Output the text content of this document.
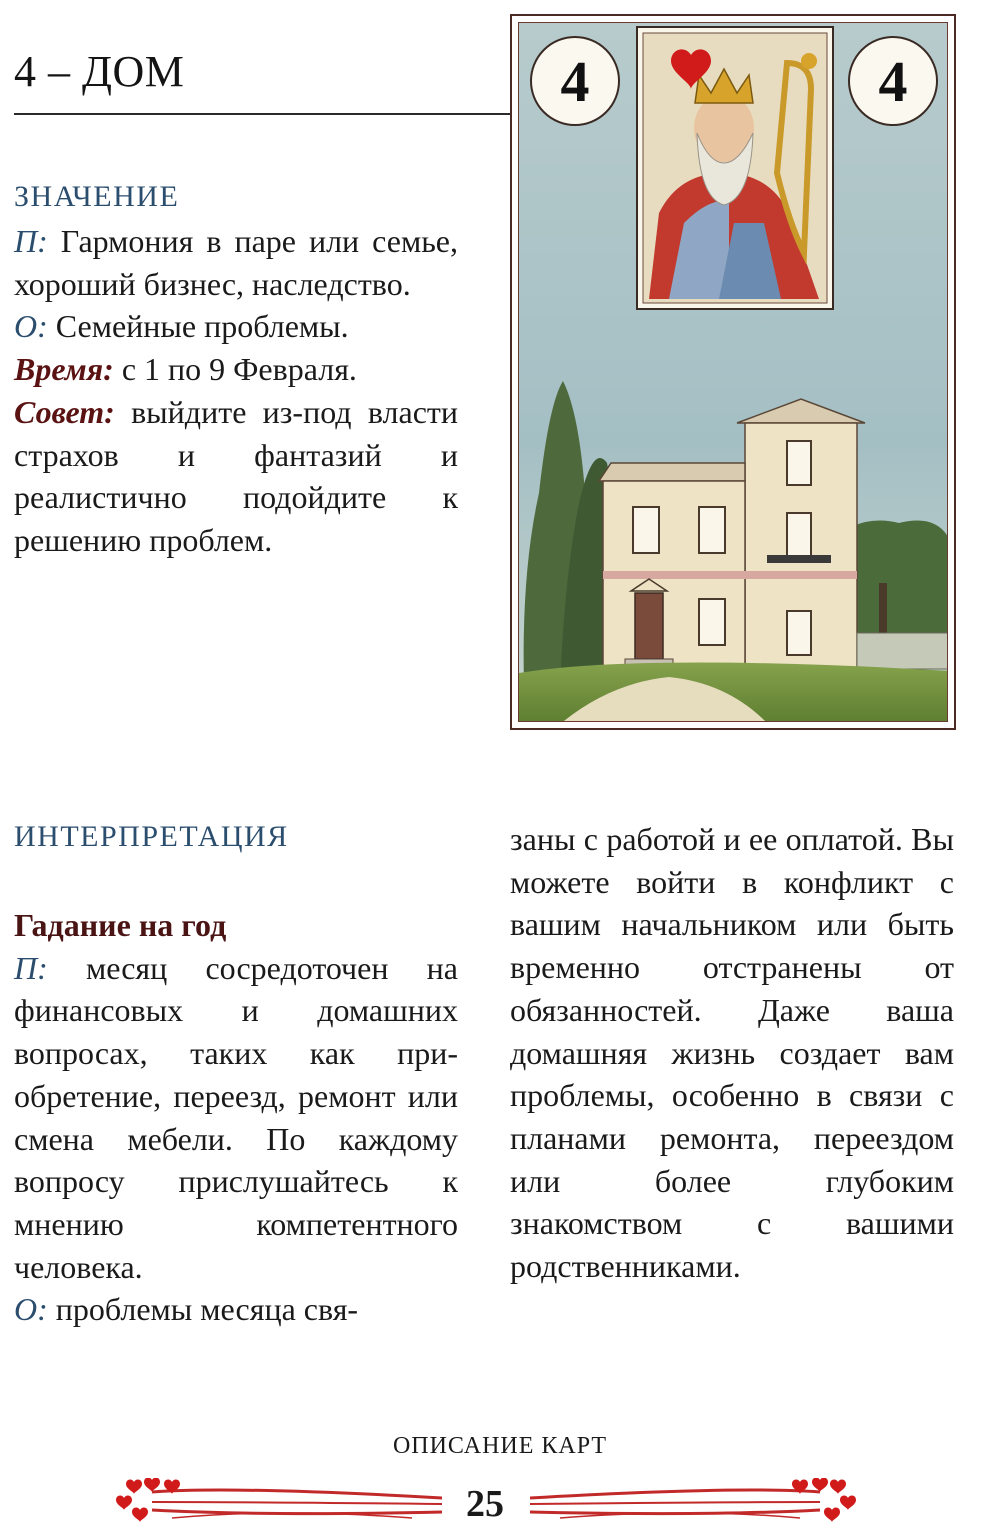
4 – ДОМ
ЗНАЧЕНИЕ

П: Гармония в паре или семье, хороший бизнес, наследство.

О: Семейные проблемы.

Время: с 1 по 9 Февраля.

Совет: выйдите из-под власти страхов и фантазий и реалистично подойдите к решению проблем.

4	4
ИНТЕРПРЕТАЦИЯ

Гадание на год

П: месяц сосредоточен на финансовых и домашних вопросах, таких как приобретение, переезд, ремонт или смена мебели. По каждому вопросу прислушайтесь к мнению компетентного человека.

О: проблемы месяца свя-

заны с работой и ее оплатой. Вы можете войти в конфликт с вашим начальником или быть временно отстранены от обязанностей. Даже ваша домашняя жизнь создает вам проблемы, особенно в связи с планами ремонта, переездом или более глубоким знакомством с вашими родственниками.

ОПИСАНИЕ КАРТ
25
